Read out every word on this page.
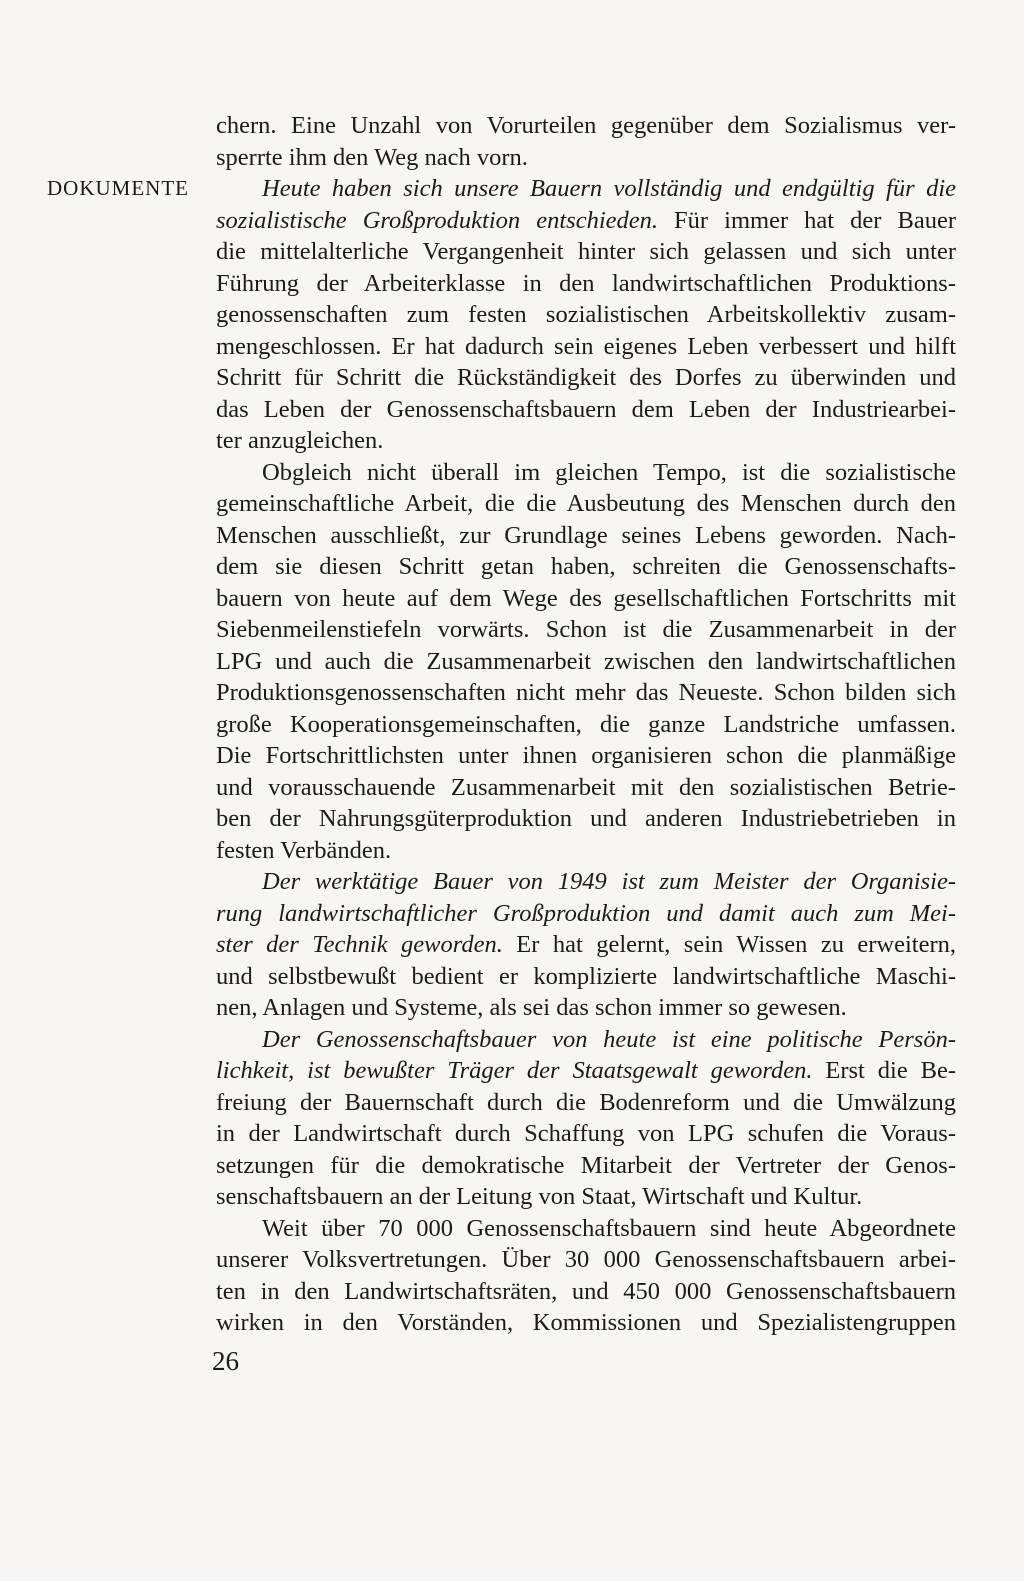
DOKUMENTE
chern. Eine Unzahl von Vorurteilen gegenüber dem Sozialismus ver-
sperrte ihm den Weg nach vorn.
Heute haben sich unsere Bauern vollständig und endgültig für die
sozialistische Großproduktion entschieden. Für immer hat der Bauer
die mittelalterliche Vergangenheit hinter sich gelassen und sich unter
Führung der Arbeiterklasse in den landwirtschaftlichen Produktions-
genossenschaften zum festen sozialistischen Arbeitskollektiv zusam-
mengeschlossen. Er hat dadurch sein eigenes Leben verbessert und hilft
Schritt für Schritt die Rückständigkeit des Dorfes zu überwinden und
das Leben der Genossenschaftsbauern dem Leben der Industriearbei-
ter anzugleichen.
Obgleich nicht überall im gleichen Tempo, ist die sozialistische
gemeinschaftliche Arbeit, die die Ausbeutung des Menschen durch den
Menschen ausschließt, zur Grundlage seines Lebens geworden. Nach-
dem sie diesen Schritt getan haben, schreiten die Genossenschafts-
bauern von heute auf dem Wege des gesellschaftlichen Fortschritts mit
Siebenmeilenstiefeln vorwärts. Schon ist die Zusammenarbeit in der
LPG und auch die Zusammenarbeit zwischen den landwirtschaftlichen
Produktionsgenossenschaften nicht mehr das Neueste. Schon bilden sich
große Kooperationsgemeinschaften, die ganze Landstriche umfassen.
Die Fortschrittlichsten unter ihnen organisieren schon die planmäßige
und vorausschauende Zusammenarbeit mit den sozialistischen Betrie-
ben der Nahrungsgüterproduktion und anderen Industriebetrieben in
festen Verbänden.
Der werktätige Bauer von 1949 ist zum Meister der Organisie-
rung landwirtschaftlicher Großproduktion und damit auch zum Mei-
ster der Technik geworden. Er hat gelernt, sein Wissen zu erweitern,
und selbstbewußt bedient er komplizierte landwirtschaftliche Maschi-
nen, Anlagen und Systeme, als sei das schon immer so gewesen.
Der Genossenschaftsbauer von heute ist eine politische Persön-
lichkeit, ist bewußter Träger der Staatsgewalt geworden. Erst die Be-
freiung der Bauernschaft durch die Bodenreform und die Umwälzung
in der Landwirtschaft durch Schaffung von LPG schufen die Voraus-
setzungen für die demokratische Mitarbeit der Vertreter der Genos-
senschaftsbauern an der Leitung von Staat, Wirtschaft und Kultur.
Weit über 70 000 Genossenschaftsbauern sind heute Abgeordnete
unserer Volksvertretungen. Über 30 000 Genossenschaftsbauern arbei-
ten in den Landwirtschaftsräten, und 450 000 Genossenschaftsbauern
wirken in den Vorständen, Kommissionen und Spezialistengruppen
26
